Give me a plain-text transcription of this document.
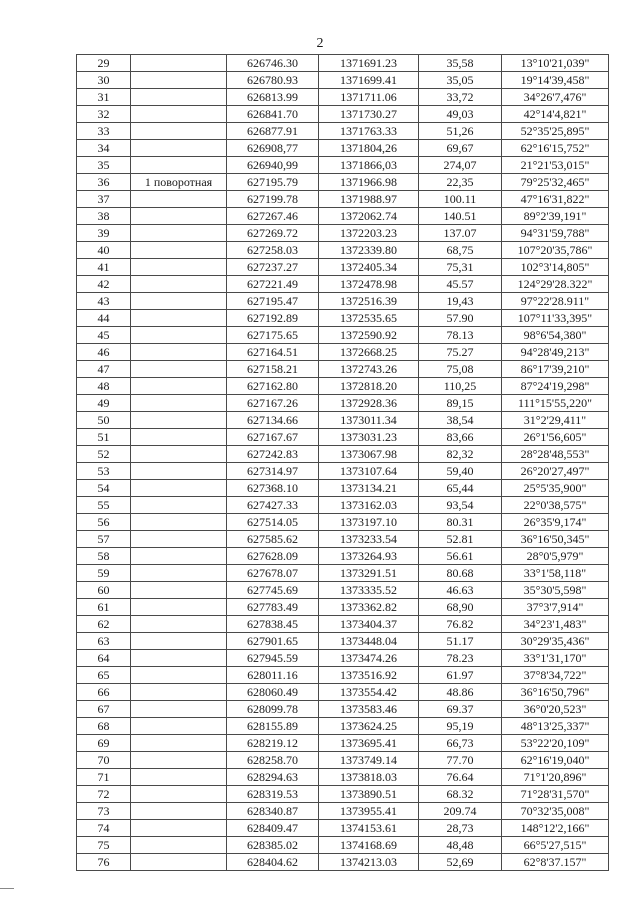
2
29		626746.30	1371691.23	35,58	13°10'21,039"
30		626780.93	1371699.41	35,05	19°14'39,458"
31		626813.99	1371711.06	33,72	34°26'7,476"
32		626841.70	1371730.27	49,03	42°14'4,821"
33		626877.91	1371763.33	51,26	52°35'25,895"
34		626908,77	1371804,26	69,67	62°16'15,752"
35		626940,99	1371866,03	274,07	21°21'53,015"
36	1 поворотная	627195.79	1371966.98	22,35	79°25'32,465"
37		627199.78	1371988.97	100.11	47°16'31,822"
38		627267.46	1372062.74	140.51	89°2'39,191"
39		627269.72	1372203.23	137.07	94°31'59,788"
40		627258.03	1372339.80	68,75	107°20'35,786"
41		627237.27	1372405.34	75,31	102°3'14,805"
42		627221.49	1372478.98	45.57	124°29'28.322"
43		627195.47	1372516.39	19,43	97°22'28.911"
44		627192.89	1372535.65	57.90	107°11'33,395"
45		627175.65	1372590.92	78.13	98°6'54,380"
46		627164.51	1372668.25	75.27	94°28'49,213"
47		627158.21	1372743.26	75,08	86°17'39,210"
48		627162.80	1372818.20	110,25	87°24'19,298"
49		627167.26	1372928.36	89,15	111°15'55,220"
50		627134.66	1373011.34	38,54	31°2'29,411"
51		627167.67	1373031.23	83,66	26°1'56,605"
52		627242.83	1373067.98	82,32	28°28'48,553"
53		627314.97	1373107.64	59,40	26°20'27,497"
54		627368.10	1373134.21	65,44	25°5'35,900"
55		627427.33	1373162.03	93,54	22°0'38,575"
56		627514.05	1373197.10	80.31	26°35'9,174"
57		627585.62	1373233.54	52.81	36°16'50,345"
58		627628.09	1373264.93	56.61	28°0'5,979"
59		627678.07	1373291.51	80.68	33°1'58,118"
60		627745.69	1373335.52	46.63	35°30'5,598"
61		627783.49	1373362.82	68,90	37°3'7,914"
62		627838.45	1373404.37	76.82	34°23'1,483"
63		627901.65	1373448.04	51.17	30°29'35,436"
64		627945.59	1373474.26	78.23	33°1'31,170"
65		628011.16	1373516.92	61.97	37°8'34,722"
66		628060.49	1373554.42	48.86	36°16'50,796"
67		628099.78	1373583.46	69.37	36°0'20,523"
68		628155.89	1373624.25	95,19	48°13'25,337"
69		628219.12	1373695.41	66,73	53°22'20,109"
70		628258.70	1373749.14	77.70	62°16'19,040"
71		628294.63	1373818.03	76.64	71°1'20,896"
72		628319.53	1373890.51	68.32	71°28'31,570"
73		628340.87	1373955.41	209.74	70°32'35,008"
74		628409.47	1374153.61	28,73	148°12'2,166"
75		628385.02	1374168.69	48,48	66°5'27,515"
76		628404.62	1374213.03	52,69	62°8'37.157"
